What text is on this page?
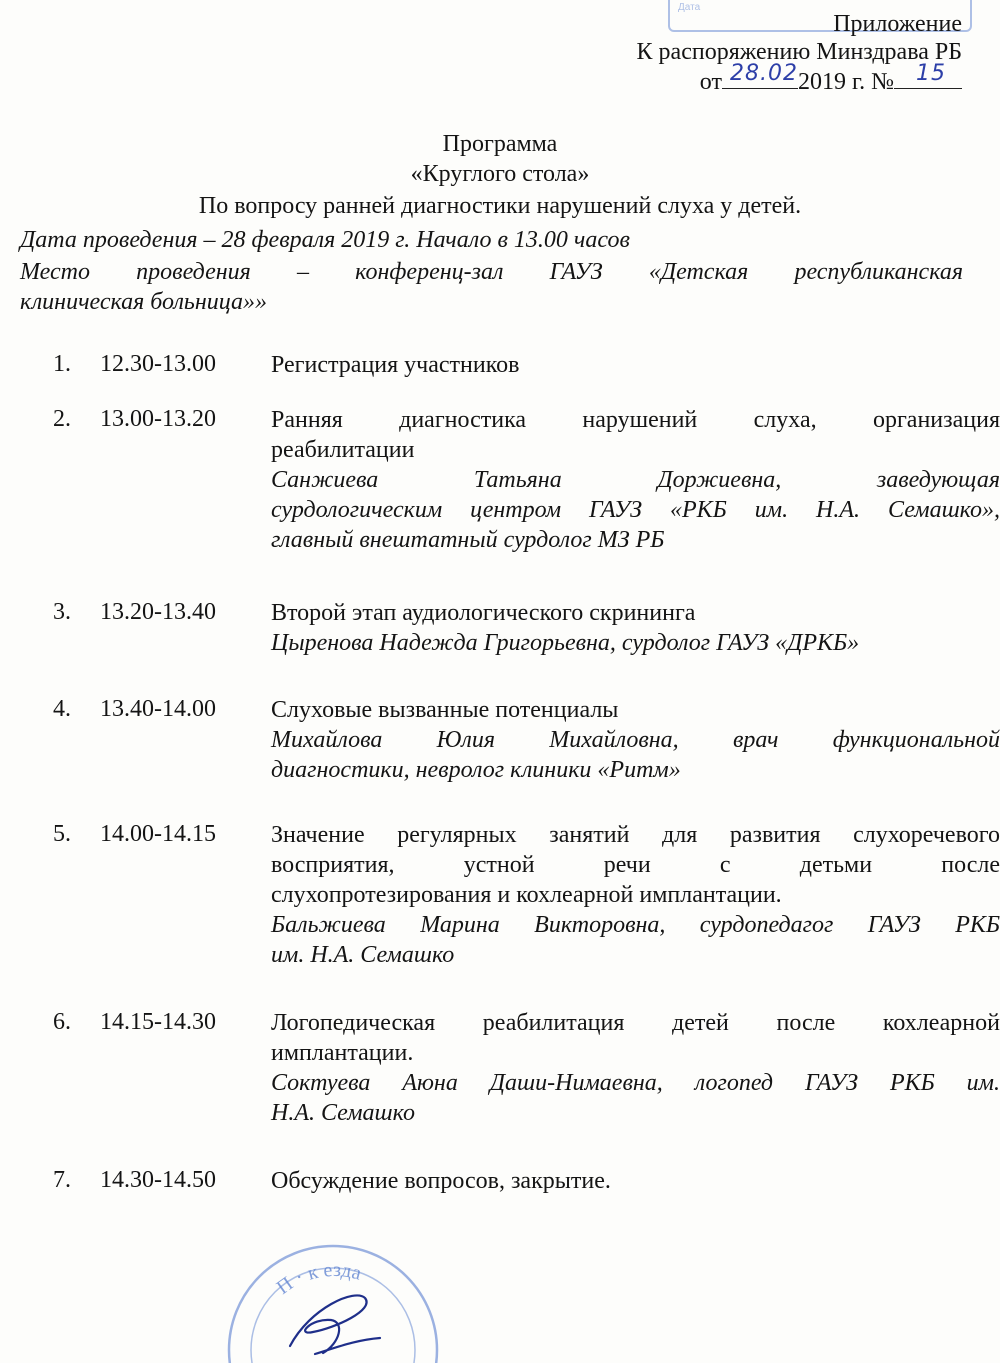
Дата
Приложение
К распоряжению Минздрава РБ
от 28.02 2019 г. № 15
Программа
«Круглого стола»
По вопросу ранней диагностики нарушений слуха у детей.
Дата проведения – 28 февраля 2019 г. Начало в 13.00 часов
Место проведения – конференц-зал ГАУЗ «Детская республиканская
клиническая больница»»
1. 12.30-13.00 Регистрация участников
2. 13.00-13.20 Ранняя диагностика нарушений слуха, организация
реабилитации
Санжиева Татьяна Доржиевна, заведующая
сурдологическим центром ГАУЗ «РКБ им. Н.А. Семашко»,
главный внештатный сурдолог МЗ РБ
3. 13.20-13.40 Второй этап аудиологического скрининга
Цыренова Надежда Григорьевна, сурдолог ГАУЗ «ДРКБ»
4. 13.40-14.00 Слуховые вызванные потенциалы
Михайлова Юлия Михайловна, врач функциональной
диагностики, невролог клиники «Ритм»
5. 14.00-14.15 Значение регулярных занятий для развития слухоречевого
восприятия, устной речи с детьми после
слухопротезирования и кохлеарной имплантации.
Бальжиева Марина Викторовна, сурдопедагог ГАУЗ РКБ
им. Н.А. Семашко
6. 14.15-14.30 Логопедическая реабилитация детей после кохлеарной
имплантации.
Соктуева Аюна Даши-Нимаевна, логопед ГАУЗ РКБ им.
Н.А. Семашко
7. 14.30-14.50 Обсуждение вопросов, закрытие.
П · к езда
